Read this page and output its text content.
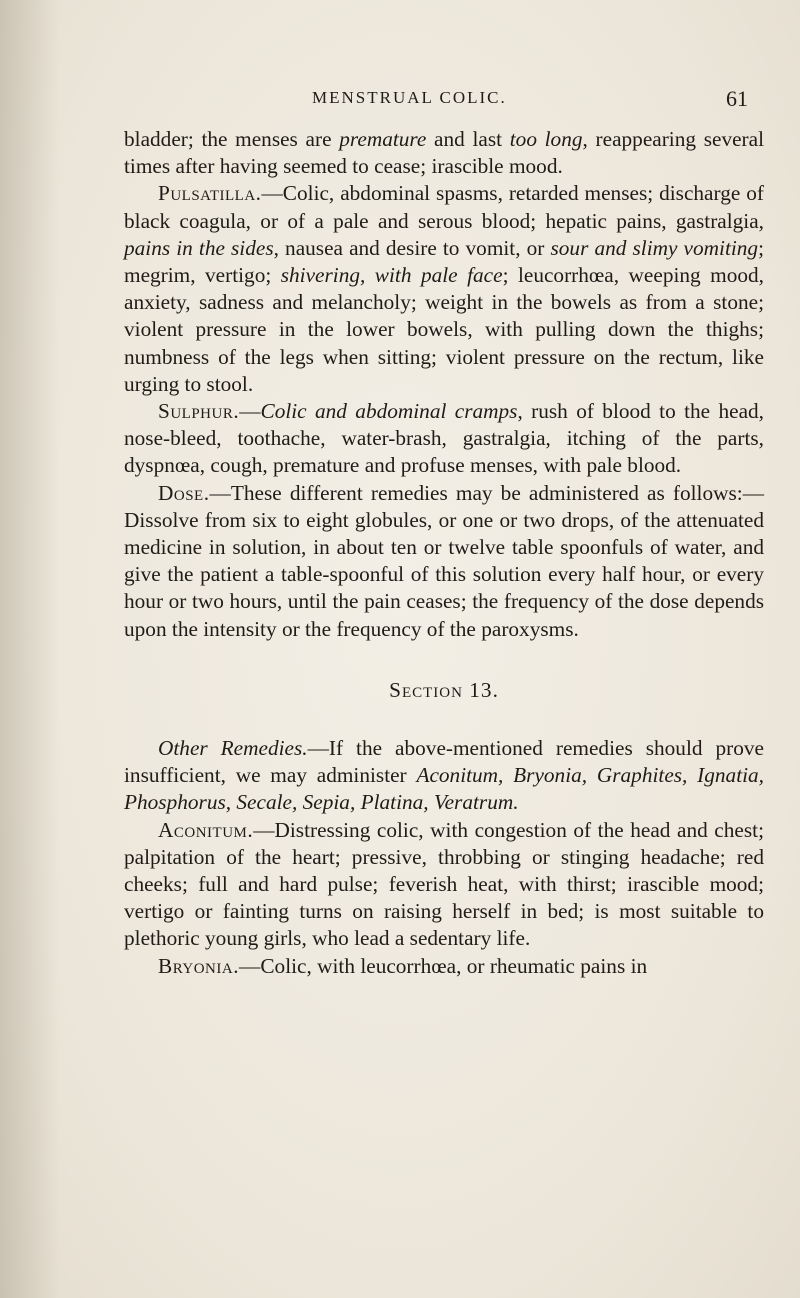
MENSTRUAL COLIC.	61

bladder; the menses are premature and last too long, reappearing several times after having seemed to cease; irascible mood.

Pulsatilla.—Colic, abdominal spasms, retarded menses; discharge of black coagula, or of a pale and serous blood; hepatic pains, gastralgia, pains in the sides, nausea and desire to vomit, or sour and slimy vomiting; megrim, vertigo; shivering, with pale face; leucorrhœa, weeping mood, anxiety, sadness and melancholy; weight in the bowels as from a stone; violent pressure in the lower bowels, with pulling down the thighs; numbness of the legs when sitting; violent pressure on the rectum, like urging to stool.

Sulphur.—Colic and abdominal cramps, rush of blood to the head, nose-bleed, toothache, water-brash, gastralgia, itching of the parts, dyspnœa, cough, premature and profuse menses, with pale blood.

Dose.—These different remedies may be administered as follows:—Dissolve from six to eight globules, or one or two drops, of the attenuated medicine in solution, in about ten or twelve table spoonfuls of water, and give the patient a table-spoonful of this solution every half hour, or every hour or two hours, until the pain ceases; the frequency of the dose depends upon the intensity or the frequency of the paroxysms.

Section 13.

Other Remedies.—If the above-mentioned remedies should prove insufficient, we may administer Aconitum, Bryonia, Graphites, Ignatia, Phosphorus, Secale, Sepia, Platina, Veratrum.

Aconitum.—Distressing colic, with congestion of the head and chest; palpitation of the heart; pressive, throbbing or stinging headache; red cheeks; full and hard pulse; feverish heat, with thirst; irascible mood; vertigo or fainting turns on raising herself in bed; is most suitable to plethoric young girls, who lead a sedentary life.

Bryonia.—Colic, with leucorrhœa, or rheumatic pains in
